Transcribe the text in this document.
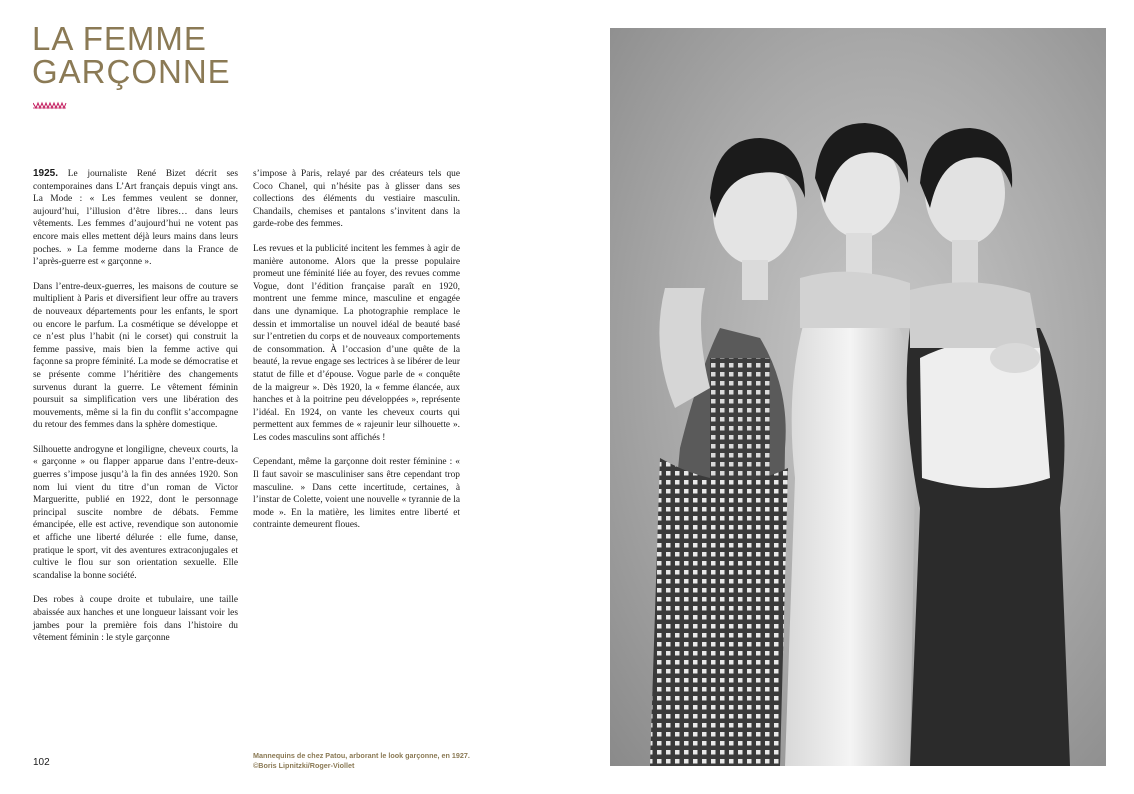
LA FEMME
GARÇONNE

1925. Le journaliste René Bizet décrit ses contemporaines dans L’Art français depuis vingt ans. La Mode : « Les femmes veulent se donner, aujourd’hui, l’illusion d’être libres… dans leurs vêtements. Les femmes d’aujourd’hui ne votent pas encore mais elles mettent déjà leurs mains dans leurs poches. » La femme moderne dans la France de l’après-guerre est « garçonne ».

Dans l’entre-deux-guerres, les maisons de couture se multiplient à Paris et diversifient leur offre au travers de nouveaux départements pour les enfants, le sport ou encore le parfum. La cosmétique se développe et ce n’est plus l’habit (ni le corset) qui construit la femme passive, mais bien la femme active qui façonne sa propre féminité. La mode se démocratise et se présente comme l’héritière des changements survenus durant la guerre. Le vêtement féminin poursuit sa simplification vers une libération des mouvements, même si la fin du conflit s’accompagne du retour des femmes dans la sphère domestique.

Silhouette androgyne et longiligne, cheveux courts, la « garçonne » ou flapper apparue dans l’entre-deux-guerres s’impose jusqu’à la fin des années 1920. Son nom lui vient du titre d’un roman de Victor Margueritte, publié en 1922, dont le personnage principal suscite nombre de débats. Femme émancipée, elle est active, revendique son autonomie et affiche une liberté délurée : elle fume, danse, pratique le sport, vit des aventures extraconjugales et cultive le flou sur son orientation sexuelle. Elle scandalise la bonne société.

Des robes à coupe droite et tubulaire, une taille abaissée aux hanches et une longueur laissant voir les jambes pour la première fois dans l’histoire du vêtement féminin : le style garçonne

s’impose à Paris, relayé par des créateurs tels que Coco Chanel, qui n’hésite pas à glisser dans ses collections des éléments du vestiaire masculin. Chandails, chemises et pantalons s’invitent dans la garde-robe des femmes.

Les revues et la publicité incitent les femmes à agir de manière autonome. Alors que la presse populaire promeut une féminité liée au foyer, des revues comme Vogue, dont l’édition française paraît en 1920, montrent une femme mince, masculine et engagée dans une dynamique. La photographie remplace le dessin et immortalise un nouvel idéal de beauté basé sur l’entretien du corps et de nouveaux comportements de consommation. À l’occasion d’une quête de la beauté, la revue engage ses lectrices à se libérer de leur statut de fille et d’épouse. Vogue parle de « conquête de la maigreur ». Dès 1920, la « femme élancée, aux hanches et à la poitrine peu développées », représente l’idéal. En 1924, on vante les cheveux courts qui permettent aux femmes de « rajeunir leur silhouette ». Les codes masculins sont affichés !

Cependant, même la garçonne doit rester féminine : « Il faut savoir se masculiniser sans être cependant trop masculine. » Dans cette incertitude, certaines, à l’instar de Colette, voient une nouvelle « tyrannie de la mode ». En la matière, les limites entre liberté et contrainte demeurent floues.

102
Mannequins de chez Patou, arborant le look garçonne, en 1927.
©Boris Lipnitzki/Roger-Viollet
